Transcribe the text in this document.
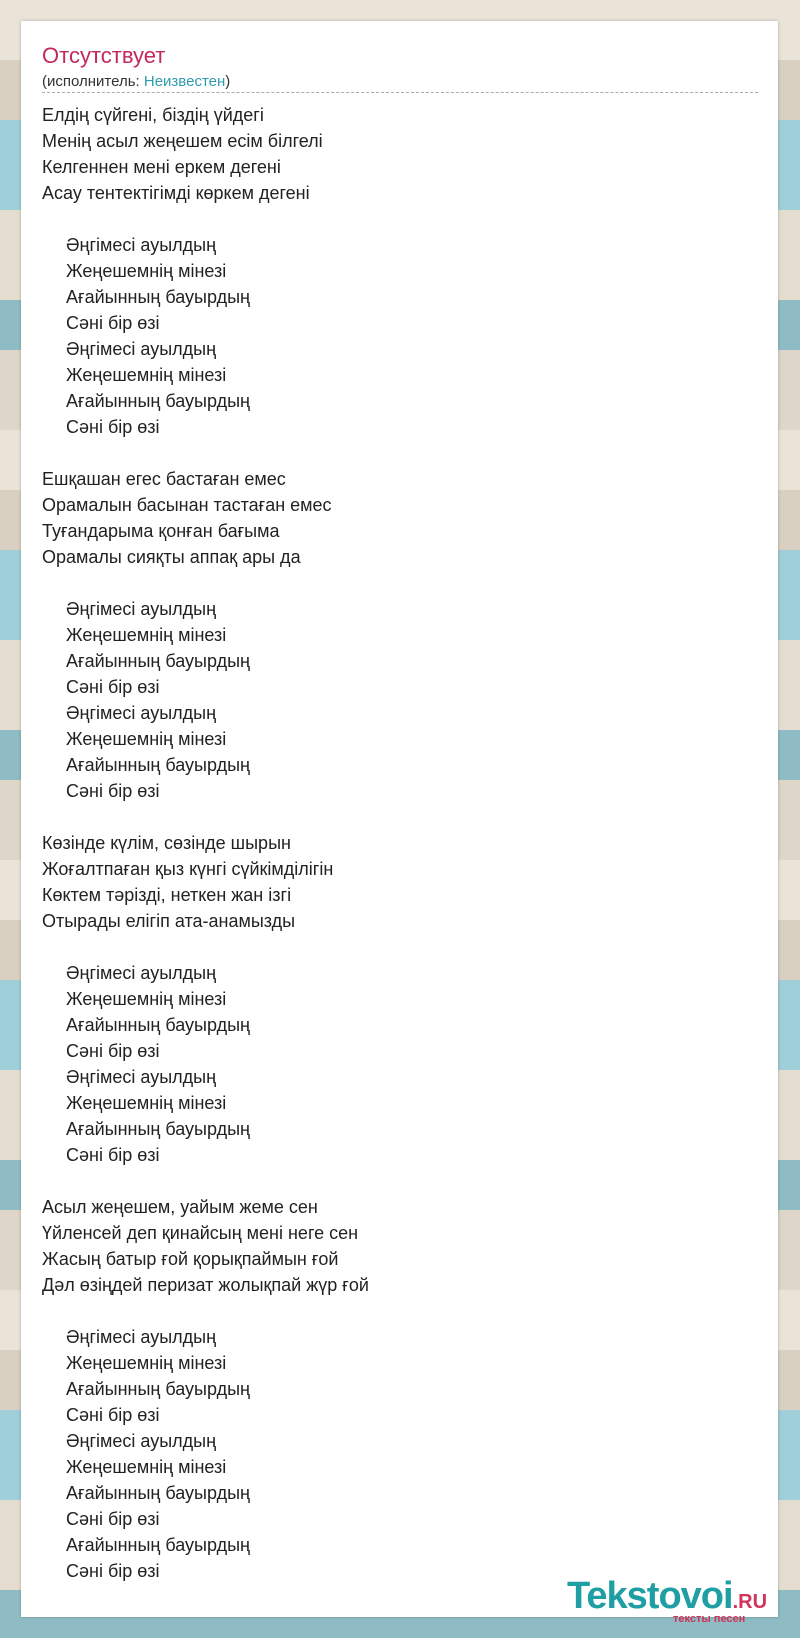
Отсутствует
(исполнитель: Неизвестен)
Елдің сүйгені, біздің үйдегі
Менің асыл жеңешем есім білгелі
Келгеннен мені еркем дегені
Асау тентектігімді көркем дегені
Әңгімесі ауылдың
Жеңешемнің мінезі
Ағайынның бауырдың
Сәні бір өзі
Әңгімесі ауылдың
Жеңешемнің мінезі
Ағайынның бауырдың
Сәні бір өзі
Ешқашан егес бастаған емес
Орамалын басынан тастаған емес
Туғандарыма қонған бағыма
Орамалы сияқты аппақ ары да
Әңгімесі ауылдың
Жеңешемнің мінезі
Ағайынның бауырдың
Сәні бір өзі
Әңгімесі ауылдың
Жеңешемнің мінезі
Ағайынның бауырдың
Сәні бір өзі
Көзінде күлім, сөзінде шырын
Жоғалтпаған қыз күнгі сүйкімділігін
Көктем тәрізді, неткен жан ізгі
Отырады елігіп ата-анамызды
Әңгімесі ауылдың
Жеңешемнің мінезі
Ағайынның бауырдың
Сәні бір өзі
Әңгімесі ауылдың
Жеңешемнің мінезі
Ағайынның бауырдың
Сәні бір өзі
Асыл жеңешем, уайым жеме сен
Үйленсей деп қинайсың мені неге сен
Жасың батыр ғой қорықпаймын ғой
Дәл өзіңдей перизат жолықпай жүр ғой
Әңгімесі ауылдың
Жеңешемнің мінезі
Ағайынның бауырдың
Сәні бір өзі
Әңгімесі ауылдың
Жеңешемнің мінезі
Ағайынның бауырдың
Сәні бір өзі
Ағайынның бауырдың
Сәні бір өзі
Tekstovoi.RU
тексты песен
